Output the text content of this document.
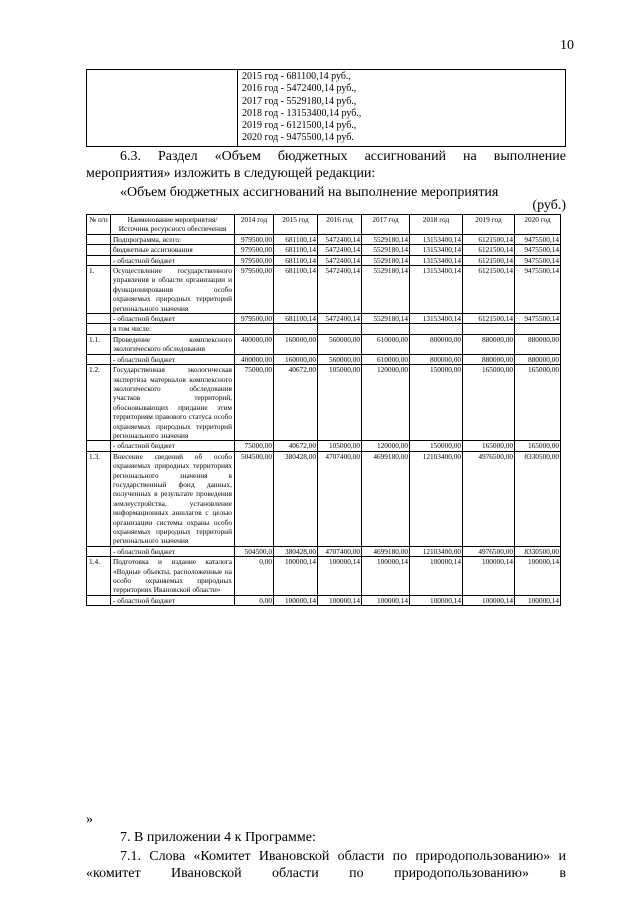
10

2015 год - 681100,14 руб.,
2016 год - 5472400,14 руб.,
2017 год - 5529180,14 руб.,
2018 год - 13153400,14 руб.,
2019 год - 6121500,14 руб.,
2020 год - 9475500,14 руб.
6.3. Раздел «Объем бюджетных ассигнований на выполнение мероприятия» изложить в следующей редакции:
«Объем бюджетных ассигнований на выполнение мероприятия
(руб.)
№ п/п	Наименование мероприятия/Источник ресурсного обеспечения	2014 год	2015 год	2016 год	2017 год	2018 год	2019 год	2020 год
	Подпрограмма, всего:	979500,00	681100,14	5472400,14	5529180,14	13153400,14	6121500,14	9475500,14
	бюджетные ассигнования	979500,00	681100,14	5472400,14	5529180,14	13153400,14	6121500,14	9475500,14
	- областной бюджет	979500,00	681100,14	5472400,14	5529180,14	13153400,14	6121500,14	9475500,14
1.	Осуществление государственного управления в области организации и функционирования особо охраняемых природных территорий регионального значения	979500,00	681100,14	5472400,14	5529180,14	13153400,14	6121500,14	9475500,14
	- областной бюджет	979500,00	681100,14	5472400,14	5529180,14	13153400,14	6121500,14	9475500,14
	в том числе:							
1.1.	Проведение комплексного экологического обследования	400000,00	160000,00	560000,00	610000,00	800000,00	880000,00	880000,00
	- областной бюджет	400000,00	160000,00	560000,00	610000,00	800000,00	880000,00	880000,00
1.2.	Государственная экологическая экспертиза материалов комплексного экологического обследования участков территорий, обосновывающих придание этим территориям правового статуса особо охраняемых природных территорий регионального значения	75000,00	40672,00	105000,00	120000,00	150000,00	165000,00	165000,00
	- областной бюджет	75000,00	40672,00	105000,00	120000,00	150000,00	165000,00	165000,00
1.3.	Внесение сведений об особо охраняемых природных территориях регионального значения в государственный фонд данных, полученных в результате проведения землеустройства, установление информационных аншлагов с целью организации системы охраны особо охраняемых природных территорий регионального значения	504500,00	380428,00	4707400,00	4699180,00	12103400,00	4976500,00	8330500,00
	- областной бюджет	504500,0	380428,00	4707400,00	4699180,00	12103400,00	4976500,00	8330500,00
1.4.	Подготовка и издание каталога «Водные объекты, расположенные на особо охраняемых природных территориях Ивановской области»	0,00	100000,14	100000,14	100000,14	100000,14	100000,14	100000,14
	- областной бюджет	0,00	100000,14	100000,14	100000,14	100000,14	100000,14	100000,14
»
7. В приложении 4 к Программе:
7.1. Слова «Комитет Ивановской области по природопользованию» и «комитет Ивановской области по природопользованию» в
